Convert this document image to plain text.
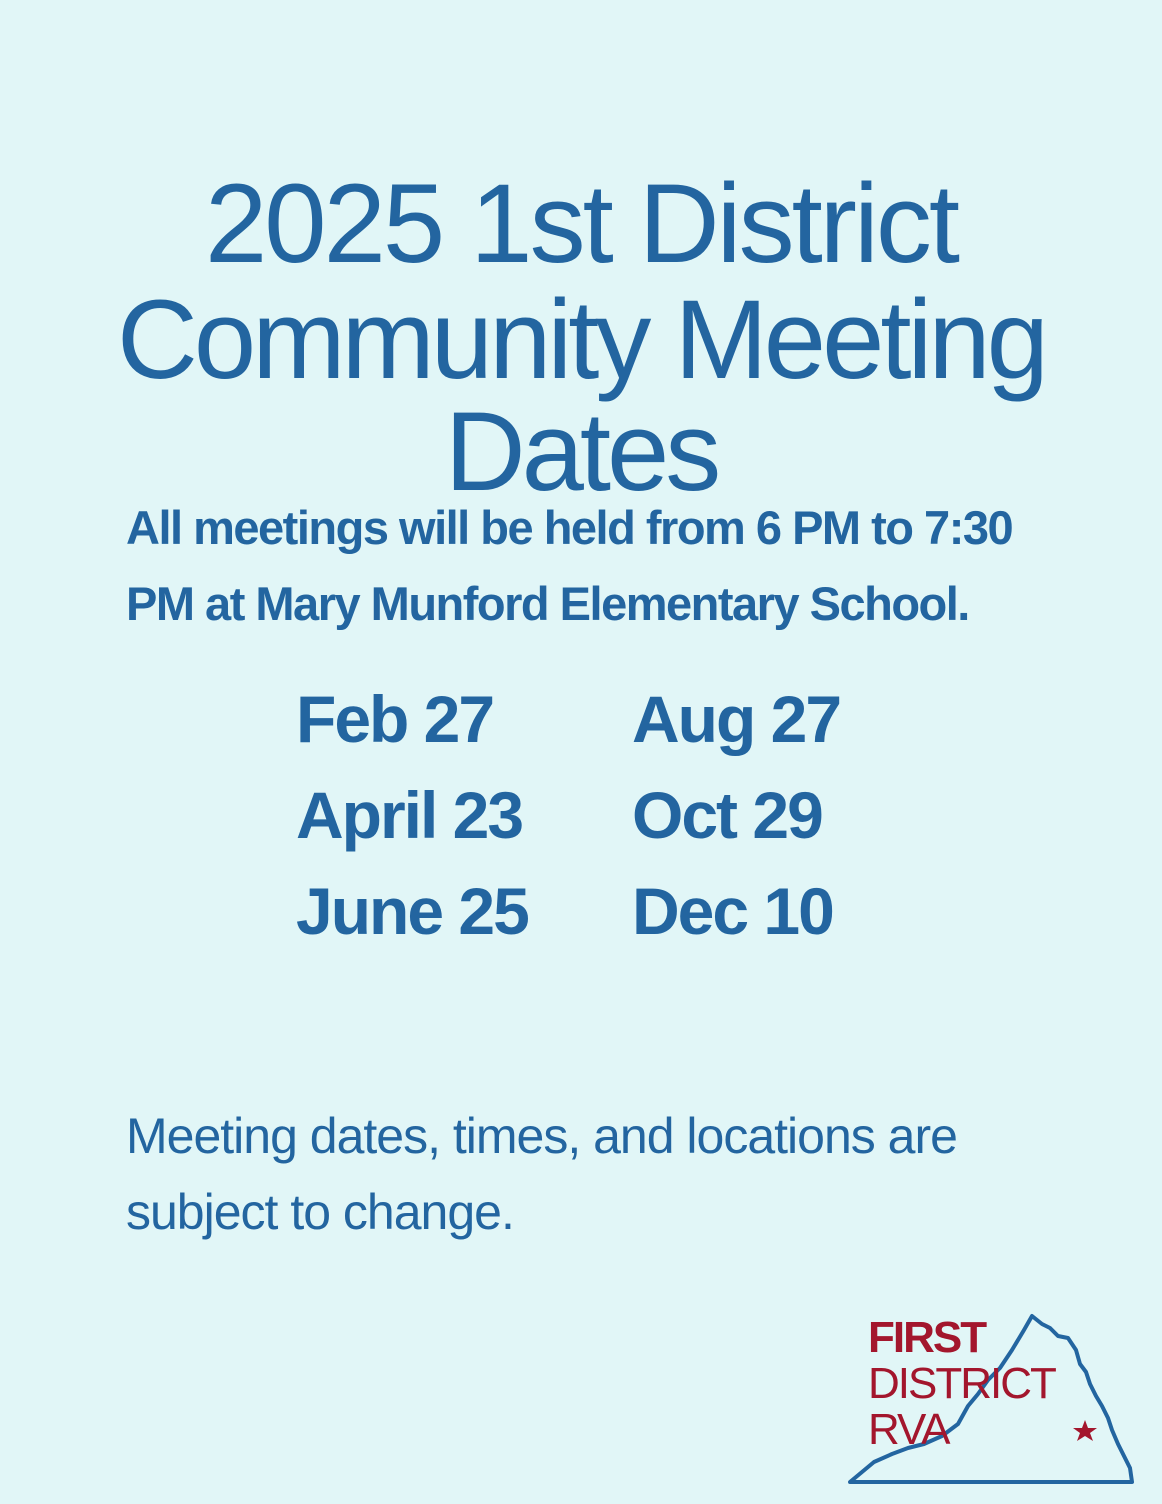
2025 1st District
Community Meeting Dates

All meetings will be held from 6 PM to 7:30 PM at Mary Munford Elementary School.

Feb 27
April 23
June 25
Aug 27
Oct 29
Dec 10

Meeting dates, times, and locations are subject to change.

FIRST
DISTRICT
RVA
